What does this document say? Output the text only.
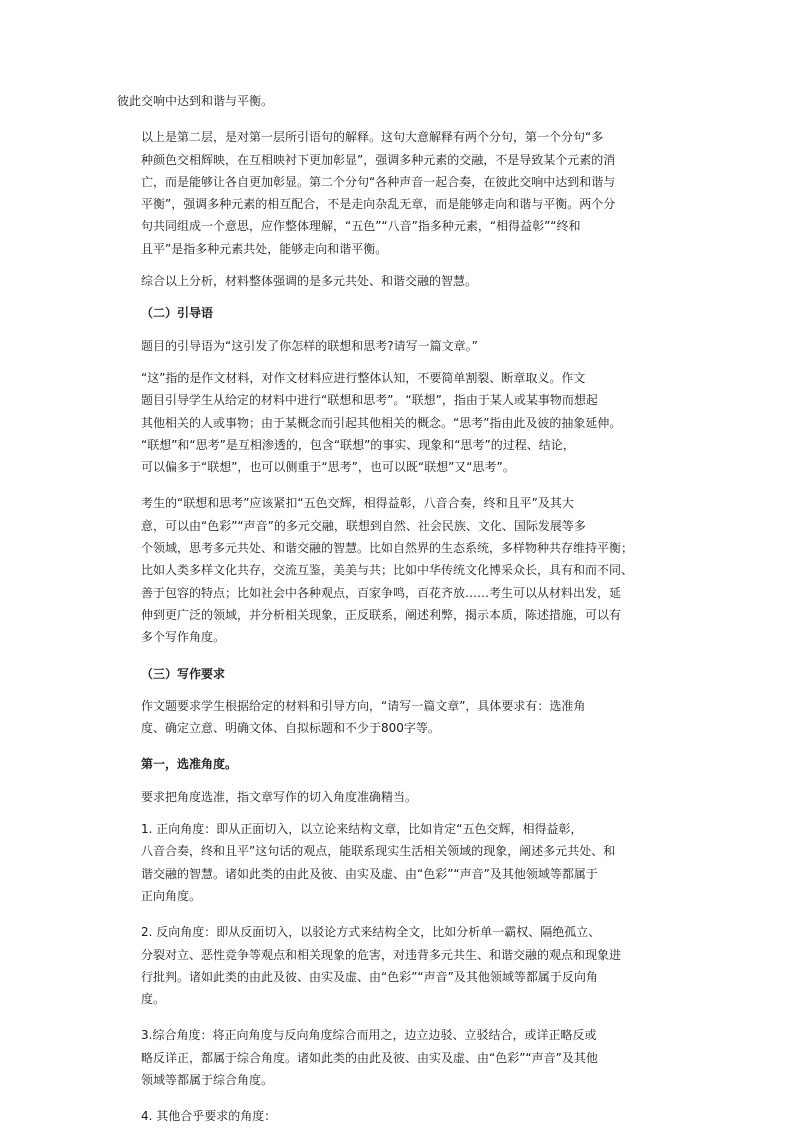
彼此交响中达到和谐与平衡。

以上是第二层，是对第一层所引语句的解释。这句大意解释有两个分句，第一个分句“多
种颜色交相辉映，在互相映衬下更加彰显”，强调多种元素的交融，不是导致某个元素的消
亡，而是能够让各自更加彰显。第二个分句“各种声音一起合奏，在彼此交响中达到和谐与
平衡”，强调多种元素的相互配合，不是走向杂乱无章，而是能够走向和谐与平衡。两个分
句共同组成一个意思，应作整体理解，“五色”“八音”指多种元素，“相得益彰”“终和
且平”是指多种元素共处，能够走向和谐平衡。

综合以上分析，材料整体强调的是多元共处、和谐交融的智慧。

（二）引导语

题目的引导语为“这引发了你怎样的联想和思考?请写一篇文章。”

“这”指的是作文材料，对作文材料应进行整体认知，不要简单割裂、断章取义。作文
题目引导学生从给定的材料中进行“联想和思考”。“联想”，指由于某人或某事物而想起
其他相关的人或事物；由于某概念而引起其他相关的概念。“思考”指由此及彼的抽象延伸。
“联想”和“思考”是互相渗透的，包含“联想”的事实、现象和“思考”的过程、结论，
可以偏多于“联想”，也可以侧重于“思考”，也可以既“联想”又“思考”。

考生的“联想和思考”应该紧扣“五色交辉，相得益彰，八音合奏，终和且平”及其大
意，可以由“色彩”“声音”的多元交融，联想到自然、社会民族、文化、国际发展等多
个领域，思考多元共处、和谐交融的智慧。比如自然界的生态系统，多样物种共存维持平衡；
比如人类多样文化共存，交流互鉴，美美与共；比如中华传统文化博采众长，具有和而不同、
善于包容的特点；比如社会中各种观点，百家争鸣，百花齐放……考生可以从材料出发，延
伸到更广泛的领域，并分析相关现象，正反联系，阐述利弊，揭示本质，陈述措施，可以有
多个写作角度。

（三）写作要求

作文题要求学生根据给定的材料和引导方向，“请写一篇文章”，具体要求有：选准角
度、确定立意、明确文体、自拟标题和不少于800字等。

第一，选准角度。

要求把角度选准，指文章写作的切入角度准确精当。

1. 正向角度：即从正面切入，以立论来结构文章，比如肯定“五色交辉，相得益彰，
八音合奏，终和且平”这句话的观点，能联系现实生活相关领域的现象，阐述多元共处、和
谐交融的智慧。诸如此类的由此及彼、由实及虚、由“色彩”“声音”及其他领域等都属于
正向角度。

2. 反向角度：即从反面切入，以驳论方式来结构全文，比如分析单一霸权、隔绝孤立、
分裂对立、恶性竞争等观点和相关现象的危害，对违背多元共生、和谐交融的观点和现象进
行批判。诸如此类的由此及彼、由实及虚、由“色彩”“声音”及其他领域等都属于反向角
度。

3.综合角度：将正向角度与反向角度综合而用之，边立边驳、立驳结合，或详正略反或
略反详正，都属于综合角度。诸如此类的由此及彼、由实及虚、由“色彩”“声音”及其他
领域等都属于综合角度。

4. 其他合乎要求的角度：
